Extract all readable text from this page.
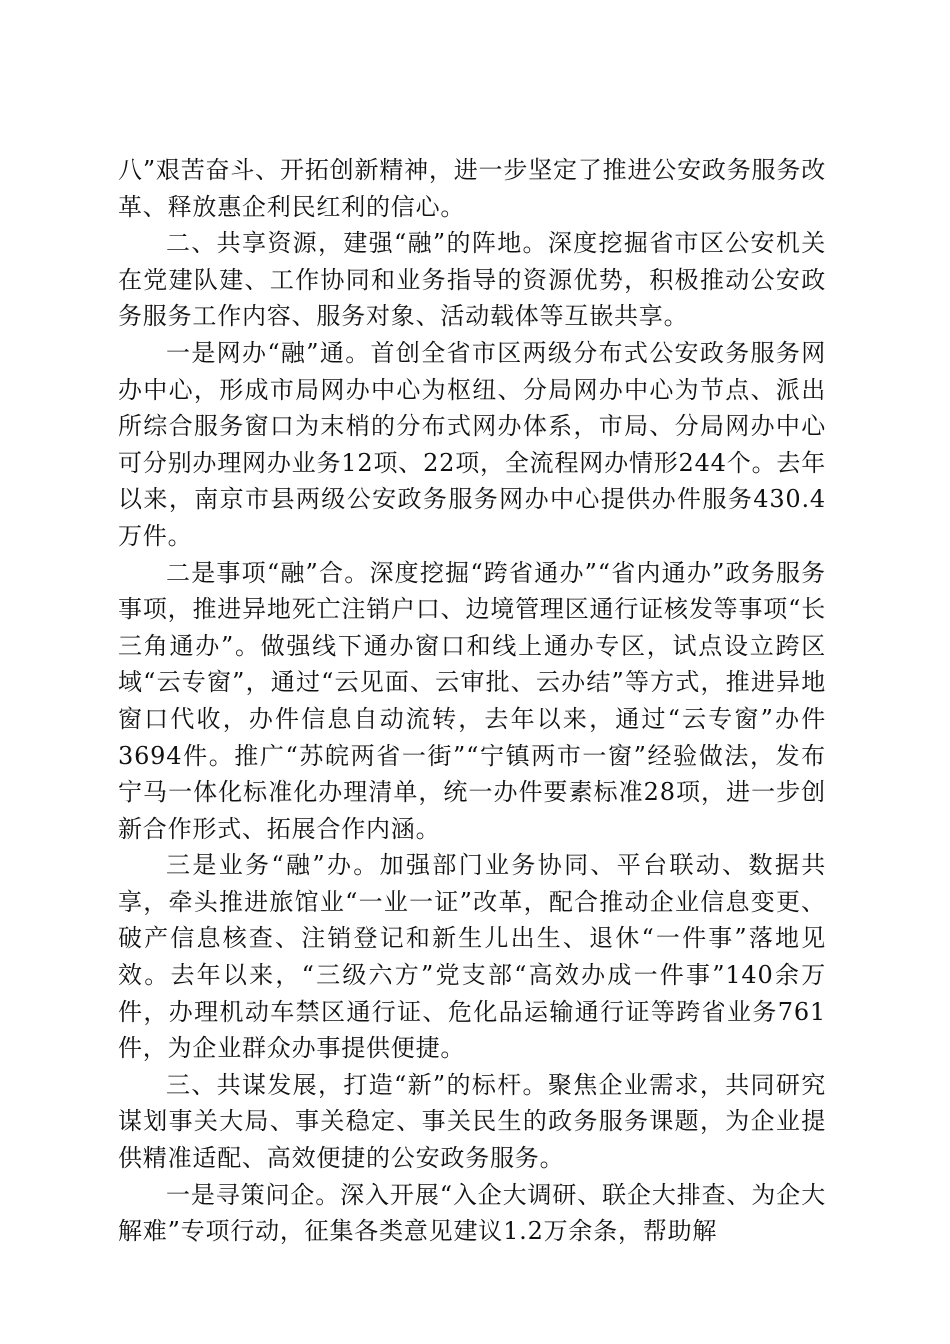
八”艰苦奋斗、开拓创新精神，进一步坚定了推进公安政务服务改革、释放惠企利民红利的信心。

二、共享资源，建强“融”的阵地。深度挖掘省市区公安机关在党建队建、工作协同和业务指导的资源优势，积极推动公安政务服务工作内容、服务对象、活动载体等互嵌共享。

一是网办“融”通。首创全省市区两级分布式公安政务服务网办中心，形成市局网办中心为枢纽、分局网办中心为节点、派出所综合服务窗口为末梢的分布式网办体系，市局、分局网办中心可分别办理网办业务12项、22项，全流程网办情形244个。去年以来，南京市县两级公安政务服务网办中心提供办件服务430.4万件。

二是事项“融”合。深度挖掘“跨省通办”“省内通办”政务服务事项，推进异地死亡注销户口、边境管理区通行证核发等事项“长三角通办”。做强线下通办窗口和线上通办专区，试点设立跨区域“云专窗”，通过“云见面、云审批、云办结”等方式，推进异地窗口代收，办件信息自动流转，去年以来，通过“云专窗”办件3694件。推广“苏皖两省一街”“宁镇两市一窗”经验做法，发布宁马一体化标准化办理清单，统一办件要素标准28项，进一步创新合作形式、拓展合作内涵。

三是业务“融”办。加强部门业务协同、平台联动、数据共享，牵头推进旅馆业“一业一证”改革，配合推动企业信息变更、破产信息核查、注销登记和新生儿出生、退休“一件事”落地见效。去年以来，“三级六方”党支部“高效办成一件事”140余万件，办理机动车禁区通行证、危化品运输通行证等跨省业务761件，为企业群众办事提供便捷。

三、共谋发展，打造“新”的标杆。聚焦企业需求，共同研究谋划事关大局、事关稳定、事关民生的政务服务课题，为企业提供精准适配、高效便捷的公安政务服务。

一是寻策问企。深入开展“入企大调研、联企大排查、为企大解难”专项行动，征集各类意见建议1.2万余条，帮助解
